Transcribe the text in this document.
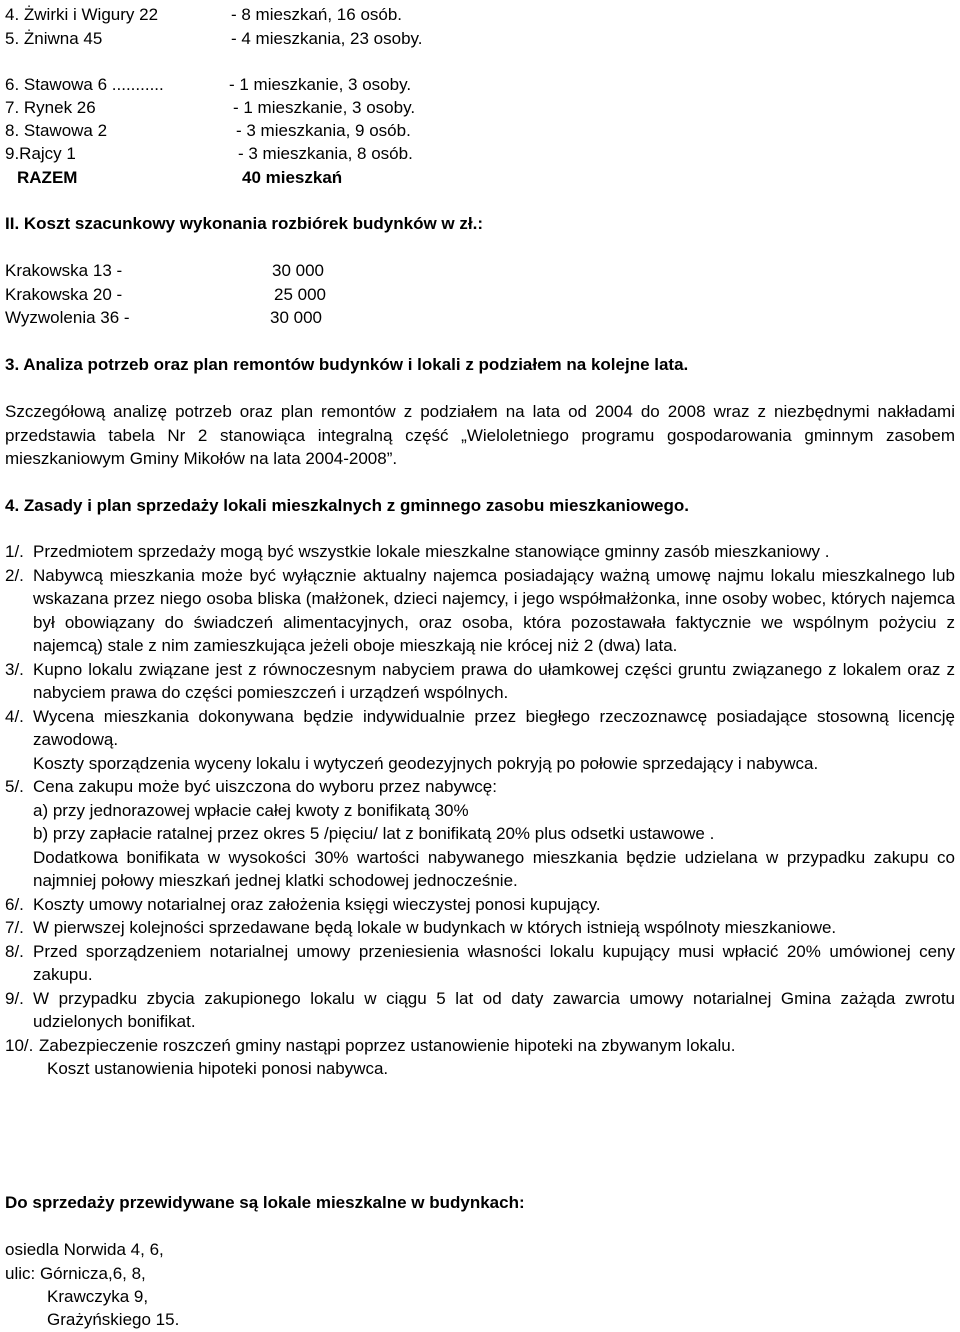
4. Żwirki i Wigury 22	- 8 mieszkań, 16 osób.
5. Żniwna 45	- 4 mieszkania, 23 osoby.
6. Stawowa 6 ...........	- 1 mieszkanie, 3 osoby.
7. Rynek 26	- 1 mieszkanie, 3 osoby.
8. Stawowa 2	- 3 mieszkania, 9 osób.
9.Rajcy 1	- 3 mieszkania, 8 osób.
RAZEM	40 mieszkań
II. Koszt szacunkowy wykonania rozbiórek budynków w zł.:
Krakowska 13 -	30 000
Krakowska 20 -	25 000
Wyzwolenia 36 -	30 000
3. Analiza potrzeb oraz plan remontów budynków i lokali z podziałem na kolejne lata.
Szczegółową analizę potrzeb oraz plan remontów z podziałem na lata od 2004 do 2008 wraz z niezbędnymi nakładami przedstawia tabela Nr 2 stanowiąca integralną część „Wieloletniego programu gospodarowania gminnym zasobem mieszkaniowym Gminy Mikołów na lata 2004-2008”.
4. Zasady i plan sprzedaży lokali mieszkalnych z gminnego zasobu mieszkaniowego.

1/. Przedmiotem sprzedaży mogą być wszystkie lokale mieszkalne stanowiące gminny zasób mieszkaniowy .

2/. Nabywcą mieszkania może być wyłącznie aktualny najemca posiadający ważną umowę najmu lokalu mieszkalnego lub wskazana przez niego osoba bliska (małżonek, dzieci najemcy, i jego współmałżonka, inne osoby wobec, których najemca był obowiązany do świadczeń alimentacyjnych, oraz osoba, która pozostawała faktycznie we wspólnym pożyciu z najemcą) stale z nim zamieszkująca jeżeli oboje mieszkają nie krócej niż 2 (dwa) lata.

3/. Kupno lokalu związane jest z równoczesnym nabyciem prawa do ułamkowej części gruntu związanego z lokalem oraz z nabyciem prawa do części pomieszczeń i urządzeń wspólnych.

4/. Wycena mieszkania dokonywana będzie indywidualnie przez biegłego rzeczoznawcę posiadające stosowną licencję zawodową.

Koszty sporządzenia wyceny lokalu i wytyczeń geodezyjnych pokryją po połowie sprzedający i nabywca.

5/. Cena zakupu może być uiszczona do wyboru przez nabywcę:

a) przy jednorazowej wpłacie całej kwoty z bonifikatą 30%

b) przy zapłacie ratalnej przez okres 5 /pięciu/ lat z bonifikatą 20% plus odsetki ustawowe .

Dodatkowa bonifikata w wysokości 30% wartości nabywanego mieszkania będzie udzielana w przypadku zakupu co najmniej połowy mieszkań jednej klatki schodowej jednocześnie.

6/. Koszty umowy notarialnej oraz założenia księgi wieczystej ponosi kupujący.

7/. W pierwszej kolejności sprzedawane będą lokale w budynkach w których istnieją wspólnoty mieszkaniowe.

8/. Przed sporządzeniem notarialnej umowy przeniesienia własności lokalu kupujący musi wpłacić 20% umówionej ceny zakupu.

9/. W przypadku zbycia zakupionego lokalu w ciągu 5 lat od daty zawarcia umowy notarialnej Gmina zażąda zwrotu udzielonych bonifikat.

10/. Zabezpieczenie roszczeń gminy nastąpi poprzez ustanowienie hipoteki na zbywanym lokalu.

Koszt ustanowienia hipoteki ponosi nabywca.

Do sprzedaży przewidywane są lokale mieszkalne w budynkach:
osiedla Norwida 4, 6,
ulic: Górnicza,6, 8,
Krawczyka 9,
Grażyńskiego 15.
